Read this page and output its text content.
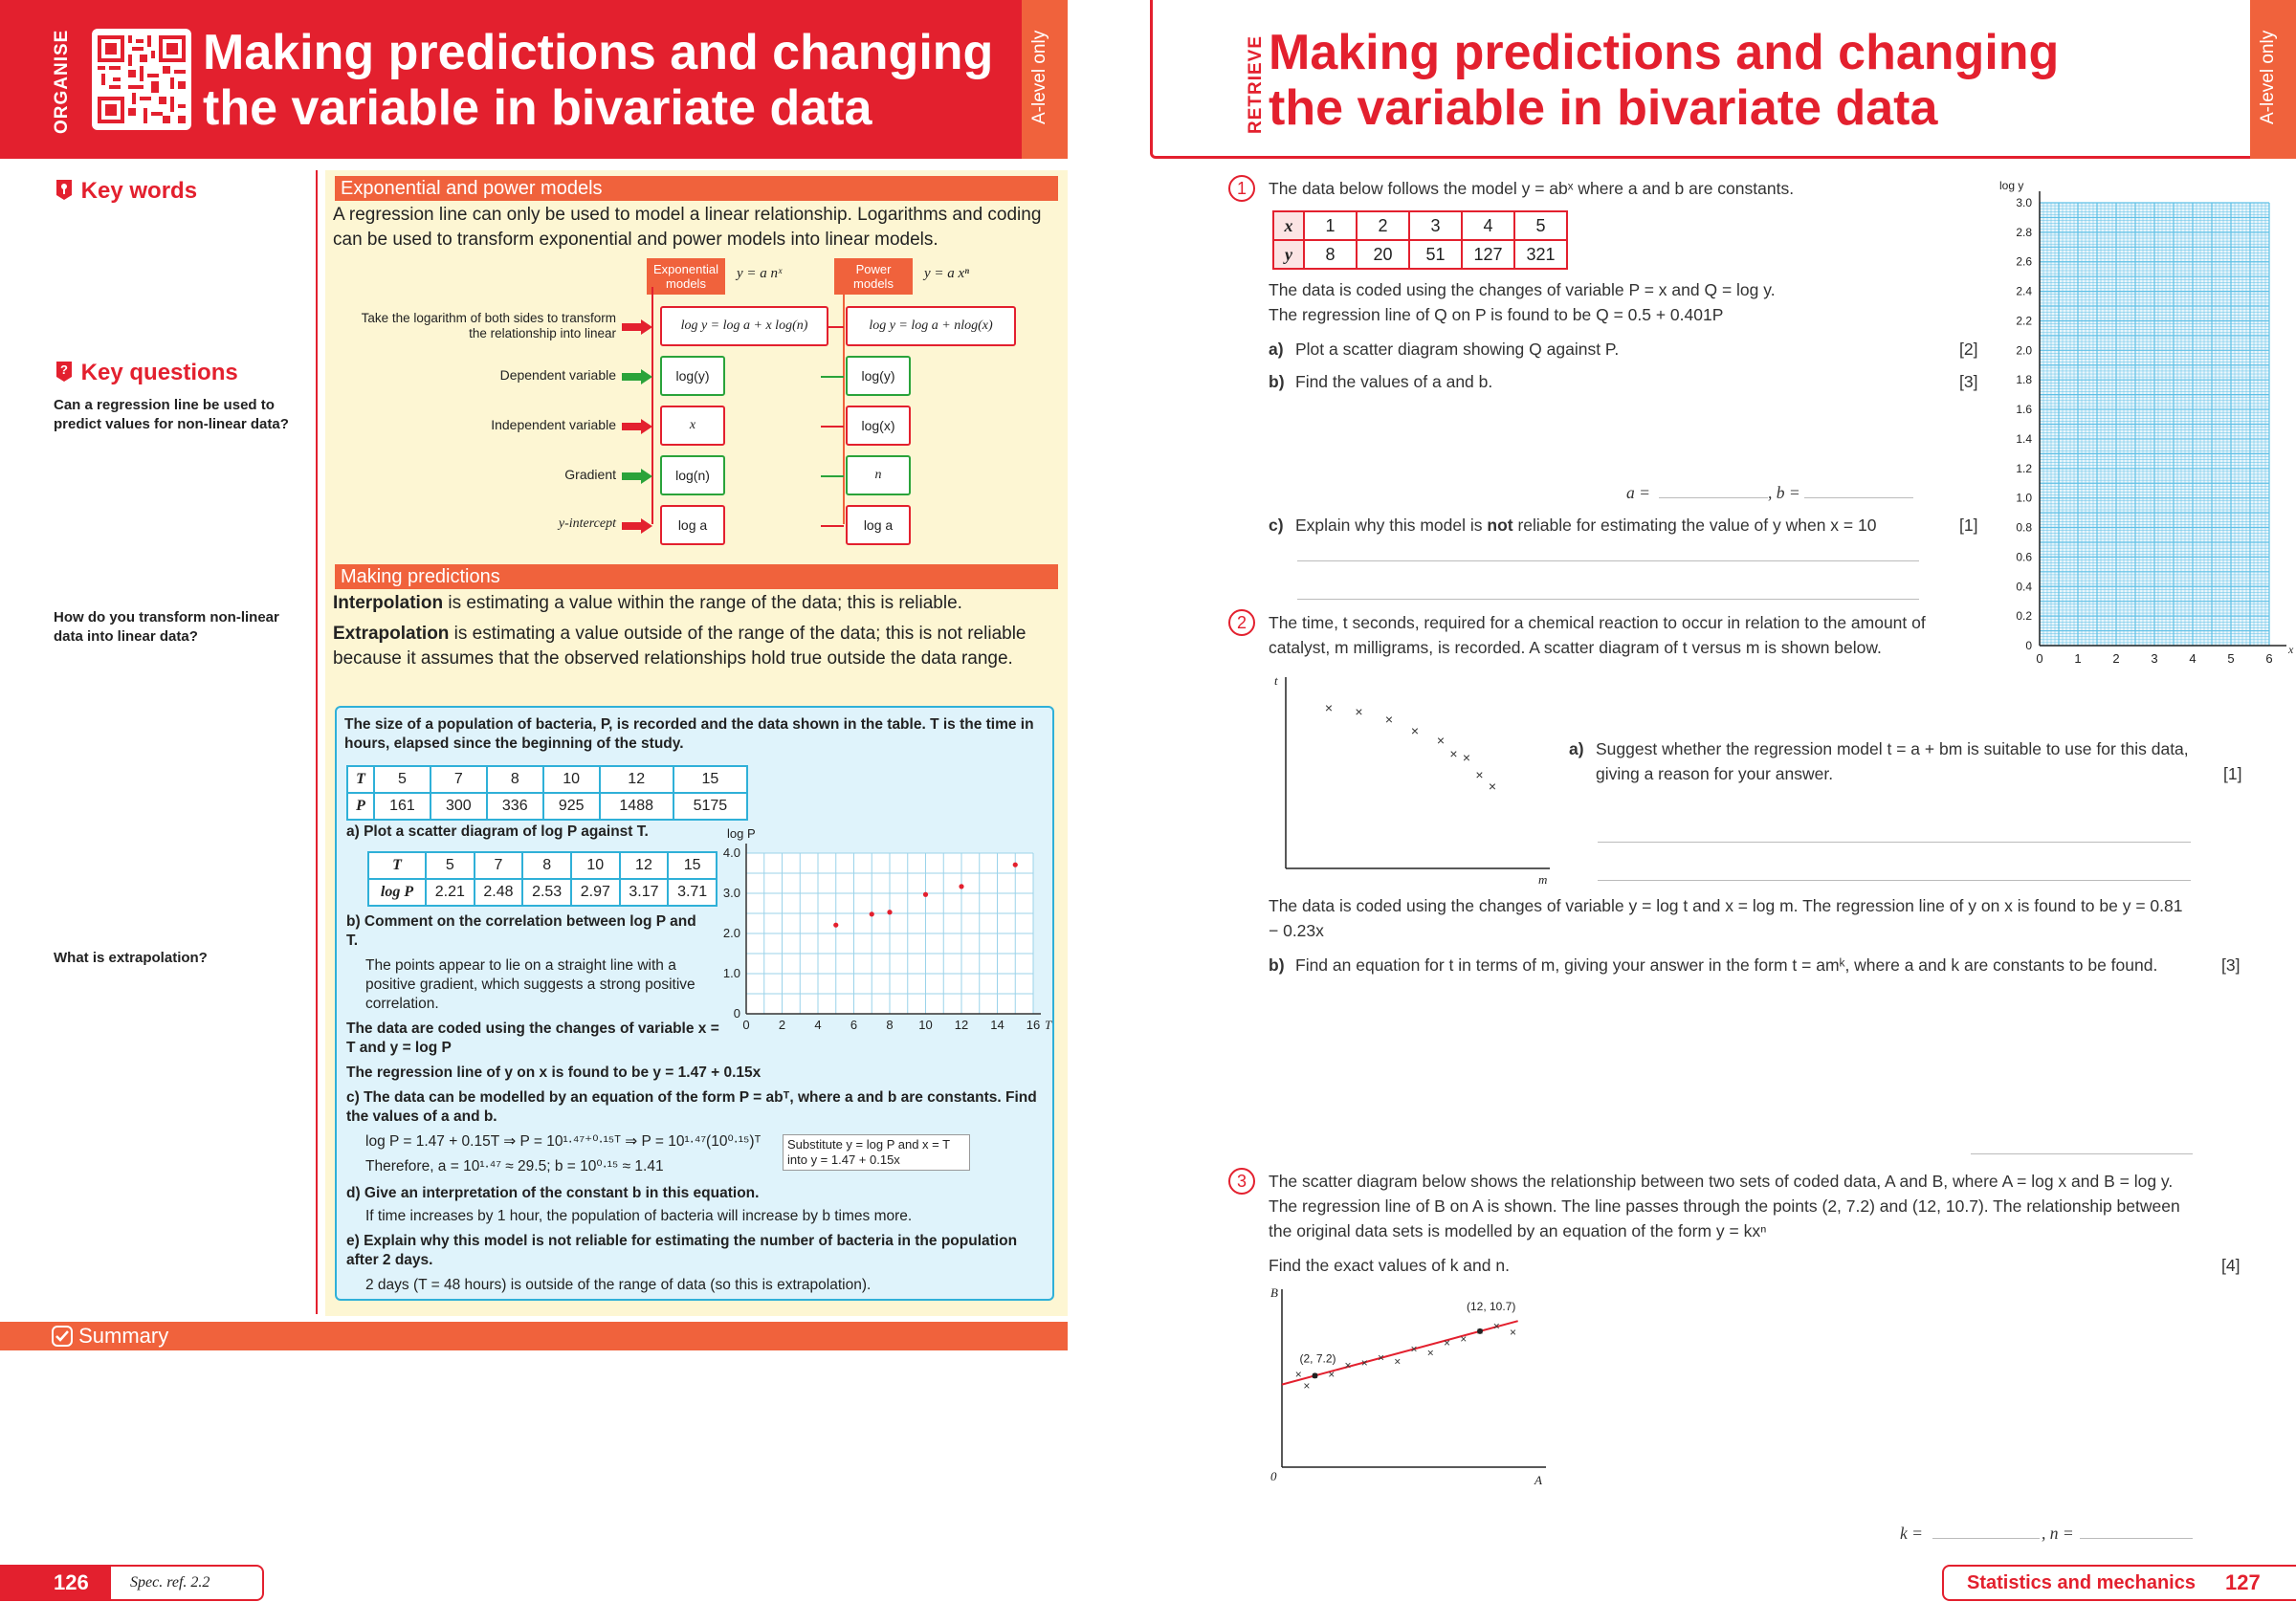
A-level only
ORGANISE	Making predictions and changing
the variable in bivariate data
Key words
? Key questions
Can a regression line be used to predict values for non-linear data?
How do you transform non-linear data into linear data?
What is extrapolation?
Exponential and power models
A regression line can only be used to model a linear relationship. Logarithms and coding can be used to transform exponential and power models into linear models.
Exponential models
y = a nˣ	Power models
y = a xⁿ
Take the logarithm of both sides to transform the relationship into linear
Dependent variable
Independent variable
Gradient
y-intercept
log y = log a + x log(n)
log(y)
x
log(n)
log a
log y = log a + nlog(x)
log(y)
log(x)
n
log a
Making predictions
Interpolation is estimating a value within the range of the data; this is reliable.
Extrapolation is estimating a value outside of the range of the data; this is not reliable because it assumes that the observed relationships hold true outside the data range.
The size of a population of bacteria, P, is recorded and the data shown in the table. T is the time in hours, elapsed since the beginning of the study.
T	5	7	8	10	12	15
P	161	300	336	925	1488	5175
a) Plot a scatter diagram of log P against T.
T	5	7	8	10	12	15
log P	2.21	2.48	2.53	2.97	3.17	3.71
0 2 4 6 8 10 12 14 16
0
1.0
2.0
3.0
4.0
T
log P
b) Comment on the correlation between log P and T.
The points appear to lie on a straight line with a positive gradient, which suggests a strong positive correlation.
The data are coded using the changes of variable x = T and y = log P
The regression line of y on x is found to be y = 1.47 + 0.15x
c) The data can be modelled by an equation of the form P = abᵀ, where a and b are constants. Find the values of a and b.
log P = 1.47 + 0.15T ⇒ P = 10¹·⁴⁷⁺⁰·¹⁵ᵀ ⇒ P = 10¹·⁴⁷(10⁰·¹⁵)ᵀ
Therefore, a = 10¹·⁴⁷ ≈ 29.5; b = 10⁰·¹⁵ ≈ 1.41
Substitute y = log P and x = T into y = 1.47 + 0.15x
d) Give an interpretation of the constant b in this equation.
If time increases by 1 hour, the population of bacteria will increase by b times more.
e) Explain why this model is not reliable for estimating the number of bacteria in the population after 2 days.
2 days (T = 48 hours) is outside of the range of data (so this is extrapolation).
Summary
126	Spec. ref. 2.2
A-level only
RETRIEVE Making predictions and changing
the variable in bivariate data
1	The data below follows the model y = abˣ where a and b are constants.
x	1	2	3	4	5
y	8	20	51	127	321
The data is coded using the changes of variable P = x and Q = log y.
The regression line of Q on P is found to be Q = 0.5 + 0.401P
a) Plot a scatter diagram showing Q against P.	[2]
b) Find the values of a and b.	[3]
a =	, b =
c) Explain why this model is not reliable for estimating the value of y when x = 10	[1]
0	1	2	3	4	5	6
0
0.2
0.4
0.6
0.8
1.0
1.2
1.4
1.6
1.8
2.0
2.2
2.4
2.6
2.8
3.0
x
log y
2	The time, t seconds, required for a chemical reaction to occur in relation to the amount of catalyst, m milligrams, is recorded. A scatter diagram of t versus m is shown below.
t
m
× × ×
×
×
× ×
×
×
a) Suggest whether the regression model t = a + bm is suitable to use for this data, giving a reason for your answer.	[1]
The data is coded using the changes of variable y = log t and x = log m. The regression line of y on x is found to be y = 0.81 − 0.23x
b) Find an equation for t in terms of m, giving your answer in the form t = amᵏ, where a and k are constants to be found.	[3]
3	The scatter diagram below shows the relationship between two sets of coded data, A and B, where A = log x and B = log y. The regression line of B on A is shown. The line passes through the points (2, 7.2) and (12, 10.7). The relationship between the original data sets is modelled by an equation of the form y = kxⁿ
Find the exact values of k and n.	[4]
B
A
0
×
×
×
× × × ×
× ×
× ×
× ×
(2, 7.2)
(12, 10.7)
k =	, n =
Statistics and mechanics 127
